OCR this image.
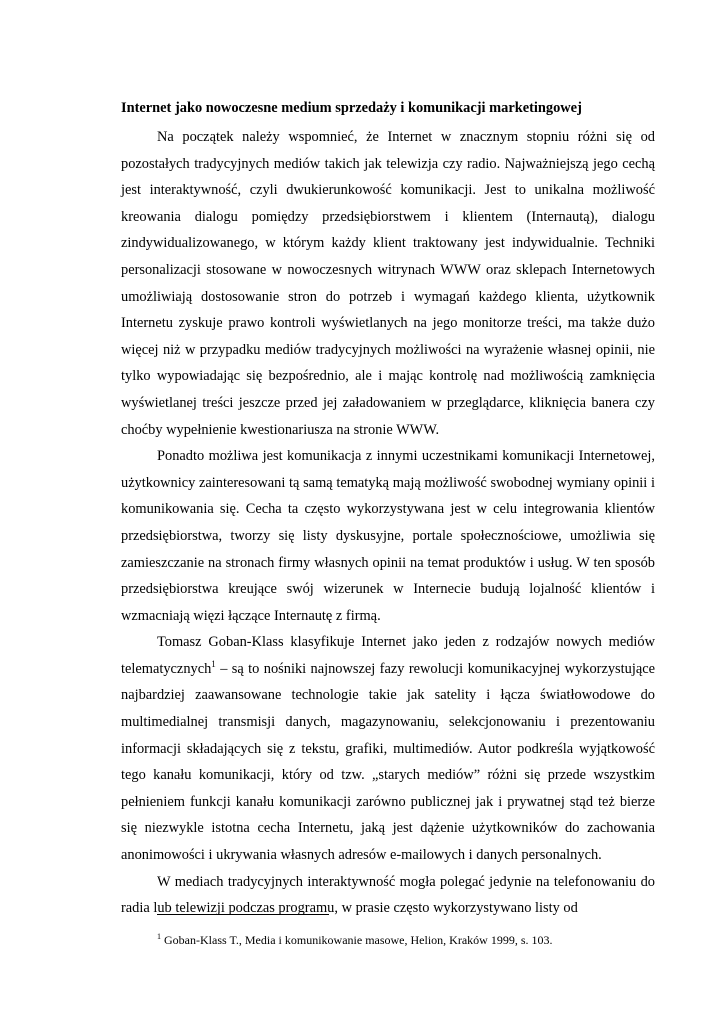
Internet jako nowoczesne medium sprzedaży i komunikacji marketingowej

Na początek należy wspomnieć, że Internet w znacznym stopniu różni się od pozostałych tradycyjnych mediów takich jak telewizja czy radio. Najważniejszą jego cechą jest interaktywność, czyli dwukierunkowość komunikacji. Jest to unikalna możliwość kreowania dialogu pomiędzy przedsiębiorstwem i klientem (Internautą), dialogu zindywidualizowanego, w którym każdy klient traktowany jest indywidualnie. Techniki personalizacji stosowane w nowoczesnych witrynach WWW oraz sklepach Internetowych umożliwiają dostosowanie stron do potrzeb i wymagań każdego klienta, użytkownik Internetu zyskuje prawo kontroli wyświetlanych na jego monitorze treści, ma także dużo więcej niż w przypadku mediów tradycyjnych możliwości na wyrażenie własnej opinii, nie tylko wypowiadając się bezpośrednio, ale i mając kontrolę nad możliwością zamknięcia wyświetlanej treści jeszcze przed jej załadowaniem w przeglądarce, kliknięcia banera czy choćby wypełnienie kwestionariusza na stronie WWW.

Ponadto możliwa jest komunikacja z innymi uczestnikami komunikacji Internetowej, użytkownicy zainteresowani tą samą tematyką mają możliwość swobodnej wymiany opinii i komunikowania się. Cecha ta często wykorzystywana jest w celu integrowania klientów przedsiębiorstwa, tworzy się listy dyskusyjne, portale społecznościowe, umożliwia się zamieszczanie na stronach firmy własnych opinii na temat produktów i usług. W ten sposób przedsiębiorstwa kreujące swój wizerunek w Internecie budują lojalność klientów i wzmacniają więzi łączące Internautę z firmą.

Tomasz Goban-Klass klasyfikuje Internet jako jeden z rodzajów nowych mediów telematycznych$^1$ – są to nośniki najnowszej fazy rewolucji komunikacyjnej wykorzystujące najbardziej zaawansowane technologie takie jak satelity i łącza światłowodowe do multimedialnej transmisji danych, magazynowaniu, selekcjonowaniu i prezentowaniu informacji składających się z tekstu, grafiki, multimediów. Autor podkreśla wyjątkowość tego kanału komunikacji, który od tzw. „starych mediów” różni się przede wszystkim pełnieniem funkcji kanału komunikacji zarówno publicznej jak i prywatnej stąd też bierze się niezwykle istotna cecha Internetu, jaką jest dążenie użytkowników do zachowania anonimowości i ukrywania własnych adresów e-mailowych i danych personalnych.

W mediach tradycyjnych interaktywność mogła polegać jedynie na telefonowaniu do radia lub telewizji podczas programu, w prasie często wykorzystywano listy od

$^1$ Goban-Klass T., Media i komunikowanie masowe, Helion, Kraków 1999, s. 103.
